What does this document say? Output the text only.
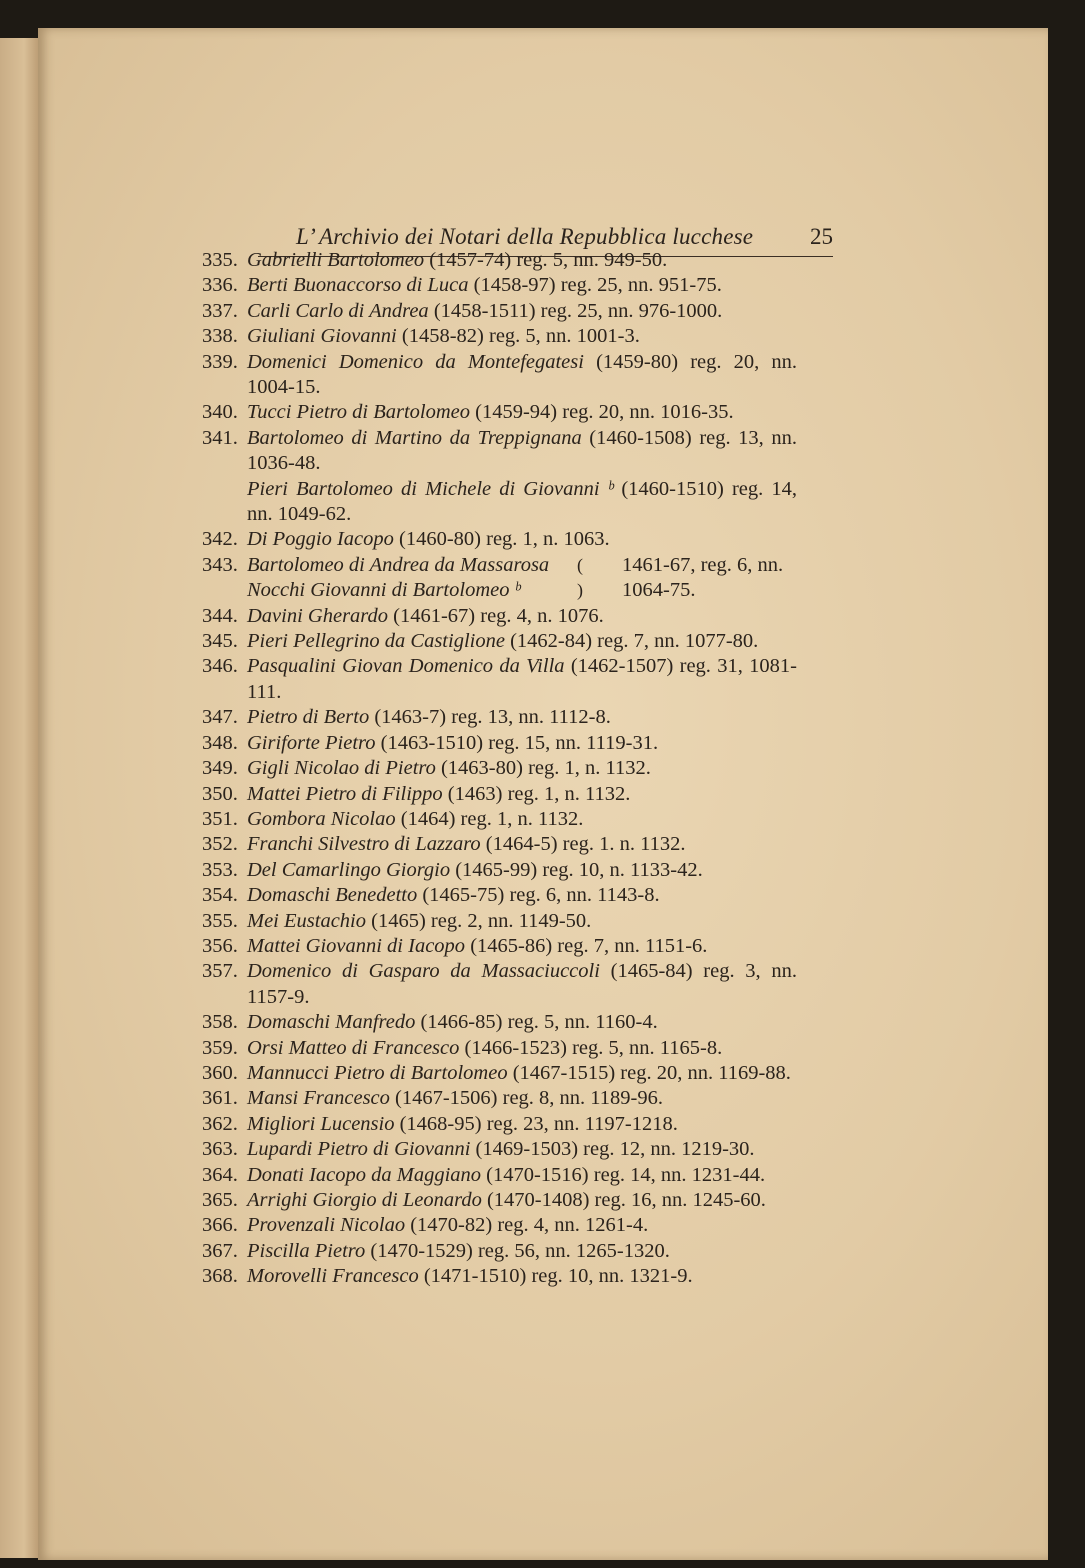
L’ Archivio dei Notari della Repubblica lucchese 25
335. Gabrielli Bartolomeo (1457-74) reg. 5, nn. 949-50.
336. Berti Buonaccorso di Luca (1458-97) reg. 25, nn. 951-75.
337. Carli Carlo di Andrea (1458-1511) reg. 25, nn. 976-1000.
338. Giuliani Giovanni (1458-82) reg. 5, nn. 1001-3.
339. Domenici Domenico da Montefegatesi (1459-80) reg. 20, nn. 1004-15.
340. Tucci Pietro di Bartolomeo (1459-94) reg. 20, nn. 1016-35.
341. Bartolomeo di Martino da Treppignana (1460-1508) reg. 13, nn. 1036-48.
Pieri Bartolomeo di Michele di Giovanni ᵇ (1460-1510) reg. 14, nn. 1049-62.
342. Di Poggio Iacopo (1460-80) reg. 1, n. 1063.
343. Bartolomeo di Andrea da Massarosa ( 1461-67, reg. 6, nn.
Nocchi Giovanni di Bartolomeo ᵇ	) 1064-75.
344. Davini Gherardo (1461-67) reg. 4, n. 1076.
345. Pieri Pellegrino da Castiglione (1462-84) reg. 7, nn. 1077-80.
346. Pasqualini Giovan Domenico da Villa (1462-1507) reg. 31, 1081-111.
347. Pietro di Berto (1463-7) reg. 13, nn. 1112-8.
348. Giriforte Pietro (1463-1510) reg. 15, nn. 1119-31.
349. Gigli Nicolao di Pietro (1463-80) reg. 1, n. 1132.
350. Mattei Pietro di Filippo (1463) reg. 1, n. 1132.
351. Gombora Nicolao (1464) reg. 1, n. 1132.
352. Franchi Silvestro di Lazzaro (1464-5) reg. 1. n. 1132.
353. Del Camarlingo Giorgio (1465-99) reg. 10, n. 1133-42.
354. Domaschi Benedetto (1465-75) reg. 6, nn. 1143-8.
355. Mei Eustachio (1465) reg. 2, nn. 1149-50.
356. Mattei Giovanni di Iacopo (1465-86) reg. 7, nn. 1151-6.
357. Domenico di Gasparo da Massaciuccoli (1465-84) reg. 3, nn. 1157-9.
358. Domaschi Manfredo (1466-85) reg. 5, nn. 1160-4.
359. Orsi Matteo di Francesco (1466-1523) reg. 5, nn. 1165-8.
360. Mannucci Pietro di Bartolomeo (1467-1515) reg. 20, nn. 1169-88.
361. Mansi Francesco (1467-1506) reg. 8, nn. 1189-96.
362. Migliori Lucensio (1468-95) reg. 23, nn. 1197-1218.
363. Lupardi Pietro di Giovanni (1469-1503) reg. 12, nn. 1219-30.
364. Donati Iacopo da Maggiano (1470-1516) reg. 14, nn. 1231-44.
365. Arrighi Giorgio di Leonardo (1470-1408) reg. 16, nn. 1245-60.
366. Provenzali Nicolao (1470-82) reg. 4, nn. 1261-4.
367. Piscilla Pietro (1470-1529) reg. 56, nn. 1265-1320.
368. Morovelli Francesco (1471-1510) reg. 10, nn. 1321-9.
